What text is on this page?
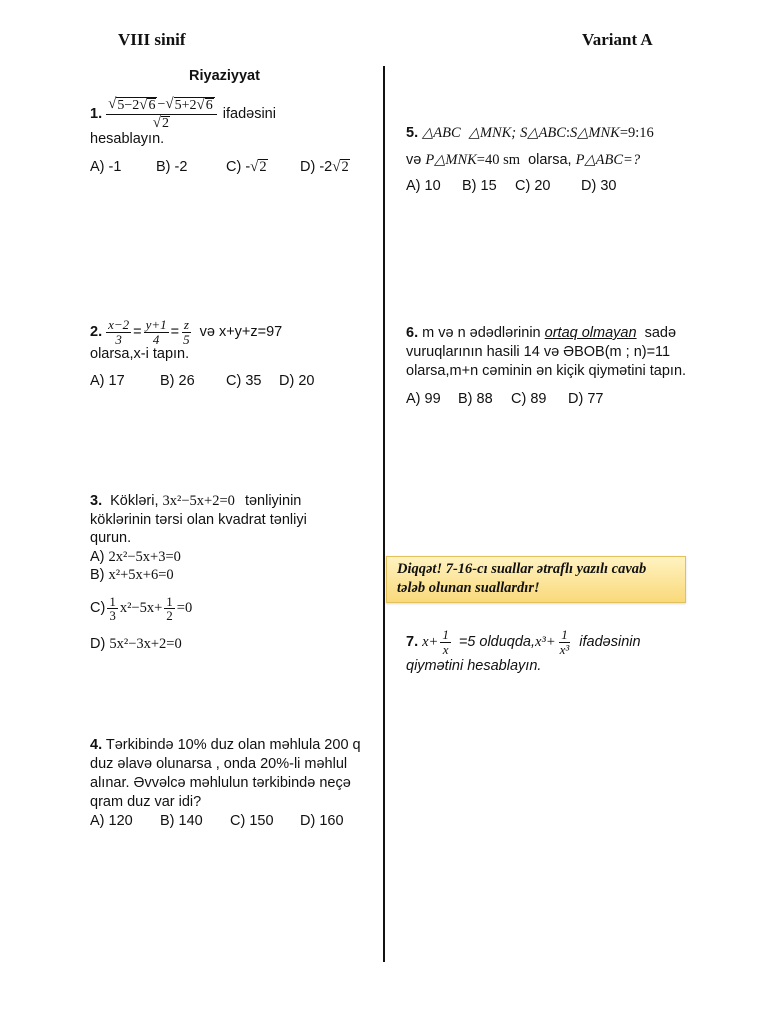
VIII sinif	Variant A
Riyaziyyat
1. $\frac{√ 5-2 √ 6 - √ 5+2 √ 6}{√ 2}$ ifadəsini
hesablayın.
A) -1 B) -2	C) -√2 D) -2√2
2. $\frac{x-2}{3} = \frac{y+1}{4} = \frac{z}{5}$ və x+y+z=97
olarsa,x-i tapın.
A) 17 B) 26 C) 35 D) 20
3. Kökləri, 3x²−5x+2=0 tənliyinin
köklərinin tərsi olan kvadrat tənliyi
qurun.
A) 2x²−5x+3=0
B) x²+5x+6=0
$C) \frac{1}{3} x^2-5x+ \frac{1}{2} =0$
D) 5x²−3x+2=0
4. Tərkibində 10% duz olan məhlula 200 q
duz əlavə olunarsa , onda 20%-li məhlul
alınar. Əvvəlcə məhlulun tərkibində neçə
qram duz var idi?
A) 120 B) 140 C) 150 D) 160
5. △ABC △MNK; S△ABC:S△MNK=9:16
və P△MNK=40 sm olarsa, P△ABC=?
A) 10 B) 15 C) 20 D) 30
6. m və n ədədlərinin ortaq olmayan sadə
vuruqlarının hasili 14 və ƏBOB(m ; n)=11
olarsa,m+n cəminin ən kiçik qiymətini tapın.
A) 99 B) 88 C) 89 D) 77
Diqqət! 7-16-cı suallar ətraflı yazılı cavab
tələb olunan suallardır!
7. $x+ \frac{1}{x} =5$ olduqda, $x^3+ \frac{1}{\text{x³}}$ ifadəsinin
qiymətini hesablayın.
